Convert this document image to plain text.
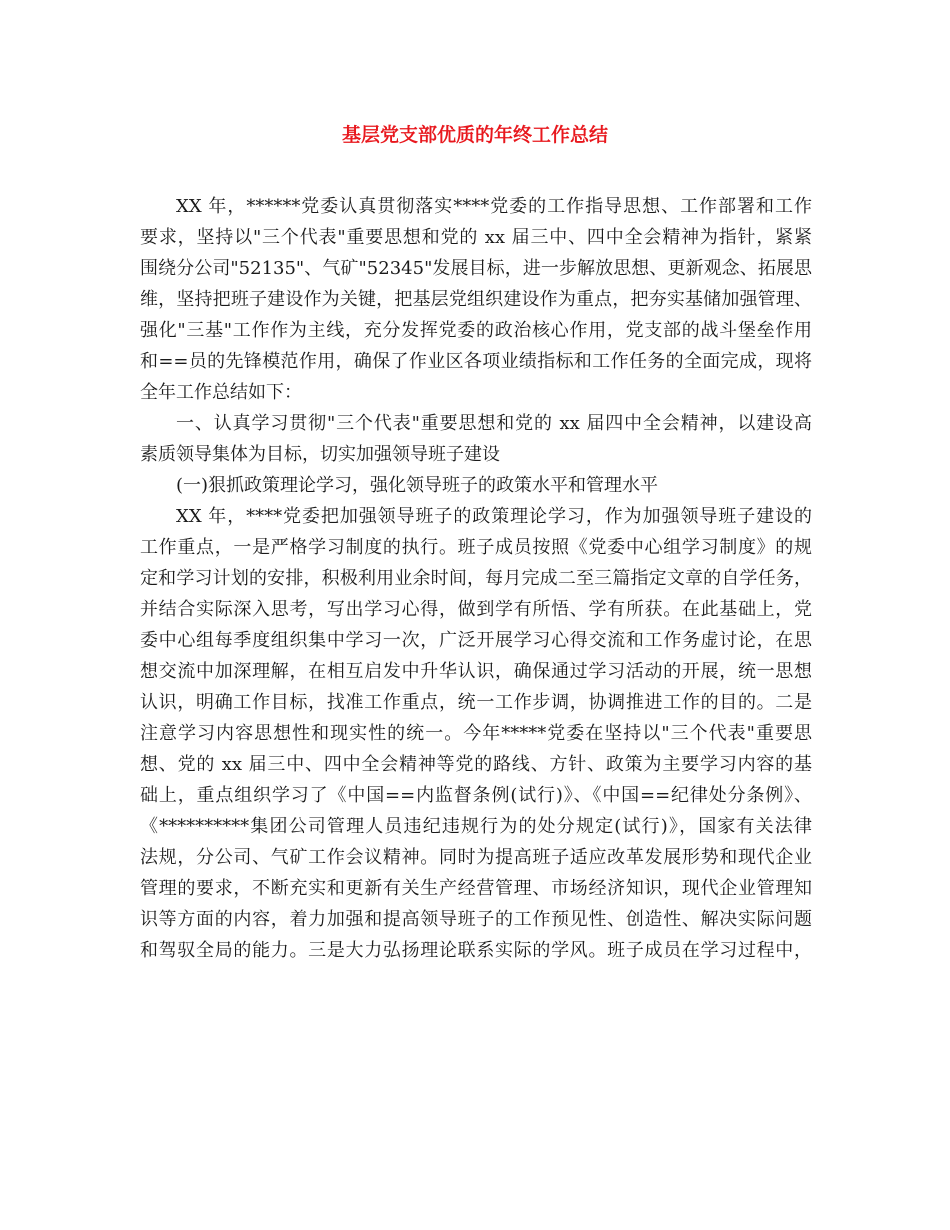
基层党支部优质的年终工作总结
XX 年，******党委认真贯彻落实****党委的工作指导思想、工作部署和工作
要求，坚持以"三个代表"重要思想和党的 xx 届三中、四中全会精神为指针，紧紧
围绕分公司"52135"、气矿"52345"发展目标，进一步解放思想、更新观念、拓展思
维，坚持把班子建设作为关键，把基层党组织建设作为重点，把夯实基储加强管理、
强化"三基"工作作为主线，充分发挥党委的政治核心作用，党支部的战斗堡垒作用
和==员的先锋模范作用，确保了作业区各项业绩指标和工作任务的全面完成，现将
全年工作总结如下：
一、认真学习贯彻"三个代表"重要思想和党的 xx 届四中全会精神，以建设高
素质领导集体为目标，切实加强领导班子建设
(一)狠抓政策理论学习，强化领导班子的政策水平和管理水平
XX 年，****党委把加强领导班子的政策理论学习，作为加强领导班子建设的
工作重点，一是严格学习制度的执行。班子成员按照《党委中心组学习制度》的规
定和学习计划的安排，积极利用业余时间，每月完成二至三篇指定文章的自学任务，
并结合实际深入思考，写出学习心得，做到学有所悟、学有所获。在此基础上，党
委中心组每季度组织集中学习一次，广泛开展学习心得交流和工作务虚讨论，在思
想交流中加深理解，在相互启发中升华认识，确保通过学习活动的开展，统一思想
认识，明确工作目标，找准工作重点，统一工作步调，协调推进工作的目的。二是
注意学习内容思想性和现实性的统一。今年*****党委在坚持以"三个代表"重要思
想、党的 xx 届三中、四中全会精神等党的路线、方针、政策为主要学习内容的基
础上，重点组织学习了《中国==内监督条例(试行)》、《中国==纪律处分条例》、
《**********集团公司管理人员违纪违规行为的处分规定(试行)》，国家有关法律
法规，分公司、气矿工作会议精神。同时为提高班子适应改革发展形势和现代企业
管理的要求，不断充实和更新有关生产经营管理、市场经济知识，现代企业管理知
识等方面的内容，着力加强和提高领导班子的工作预见性、创造性、解决实际问题
和驾驭全局的能力。三是大力弘扬理论联系实际的学风。班子成员在学习过程中，
